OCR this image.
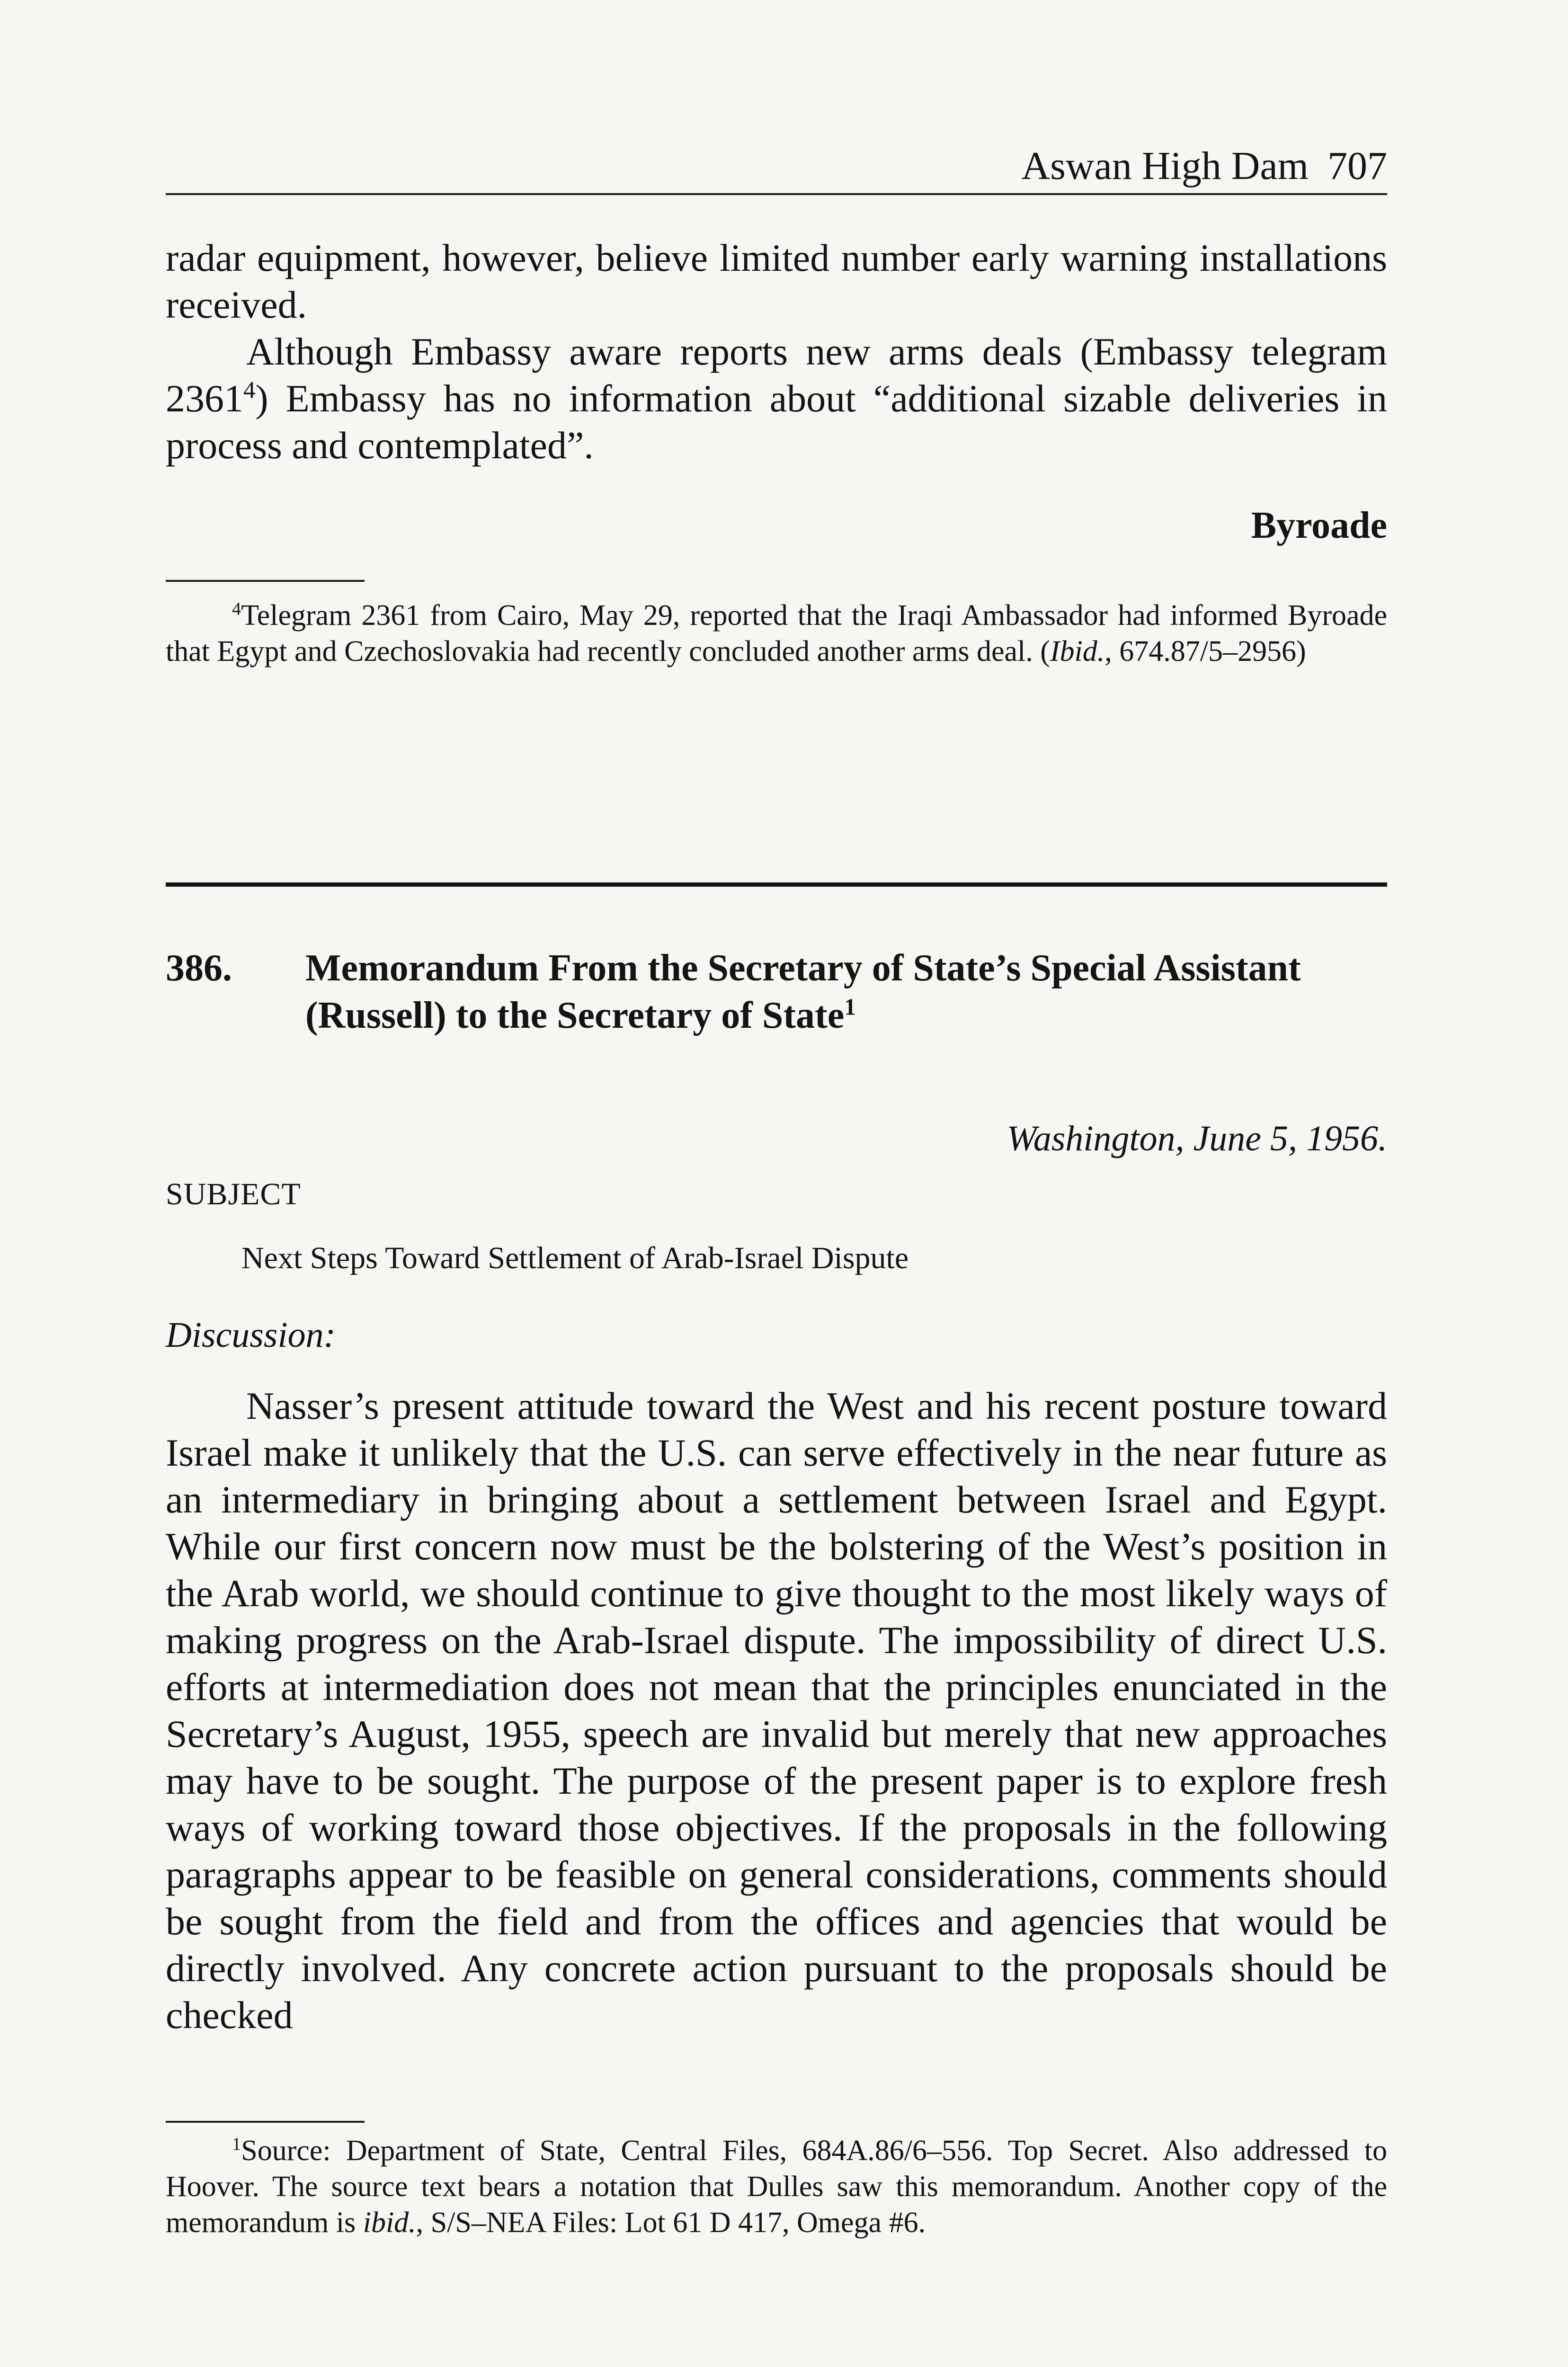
Aswan High Dam 707

radar equipment, however, believe limited number early warning installations received.

Although Embassy aware reports new arms deals (Embassy telegram 2361$^4$) Embassy has no information about “additional sizable deliveries in process and contemplated”.

Byroade

$^4$Telegram 2361 from Cairo, May 29, reported that the Iraqi Ambassador had informed Byroade that Egypt and Czechoslovakia had recently concluded another arms deal. (Ibid., 674.87/5–2956)

386. Memorandum From the Secretary of State’s Special Assistant (Russell) to the Secretary of State$^1$

Washington, June 5, 1956.
SUBJECT
Next Steps Toward Settlement of Arab-Israel Dispute
Discussion:

Nasser’s present attitude toward the West and his recent posture toward Israel make it unlikely that the U.S. can serve effectively in the near future as an intermediary in bringing about a settlement between Israel and Egypt. While our first concern now must be the bolstering of the West’s position in the Arab world, we should continue to give thought to the most likely ways of making progress on the Arab-Israel dispute. The impossibility of direct U.S. efforts at intermediation does not mean that the principles enunciated in the Secretary’s August, 1955, speech are invalid but merely that new approaches may have to be sought. The purpose of the present paper is to explore fresh ways of working toward those objectives. If the proposals in the following paragraphs appear to be feasible on general considerations, comments should be sought from the field and from the offices and agencies that would be directly involved. Any concrete action pursuant to the proposals should be checked

$^1$Source: Department of State, Central Files, 684A.86/6–556. Top Secret. Also addressed to Hoover. The source text bears a notation that Dulles saw this memorandum. Another copy of the memorandum is ibid., S/S–NEA Files: Lot 61 D 417, Omega #6.
